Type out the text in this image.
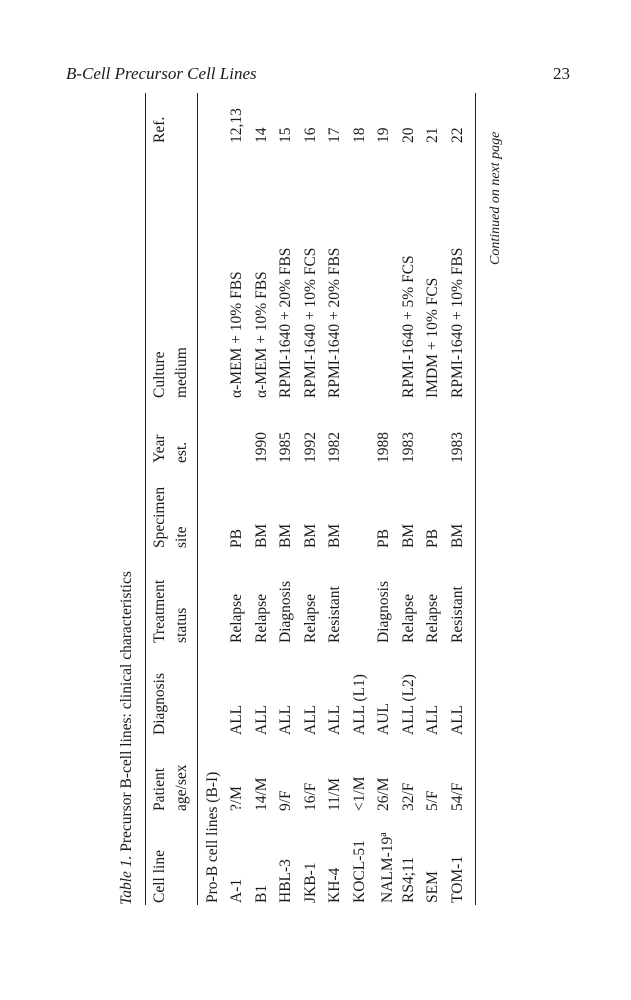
B-Cell Precursor Cell Lines	23
Table 1. Precursor B-cell lines: clinical characteristics
Cell line
Patient age/sex
Diagnosis
Treatment status
Specimen site
Year est.
Culture medium
Ref.
Pro-B cell lines (B-I) A-1
?/M
ALL
Relapse
PB
α-MEM + 10% FBS
12,13
B1
14/M
ALL
Relapse
BM
1990
α-MEM + 10% FBS
14
HBL-3
9/F
ALL
Diagnosis
BM
1985
RPMI-1640 + 20% FBS
15
JKB-1
16/F
ALL
Relapse
BM
1992
RPMI-1640 + 10% FCS
16
KH-4
11/M
ALL
Resistant
BM
1982
RPMI-1640 + 20% FBS
17
KOCL-51
<1/M
ALL (L1)
18
NALM-19$^a$
26/M
AUL
Diagnosis
PB
1988
19
RS4;11
32/F
ALL (L2)
Relapse
BM
1983
RPMI-1640 + 5% FCS
20
SEM
5/F
ALL
Relapse
PB
IMDM + 10% FCS
21
TOM-1
54/F
ALL
Resistant
BM
1983
RPMI-1640 + 10% FBS
22 Continued on next page
